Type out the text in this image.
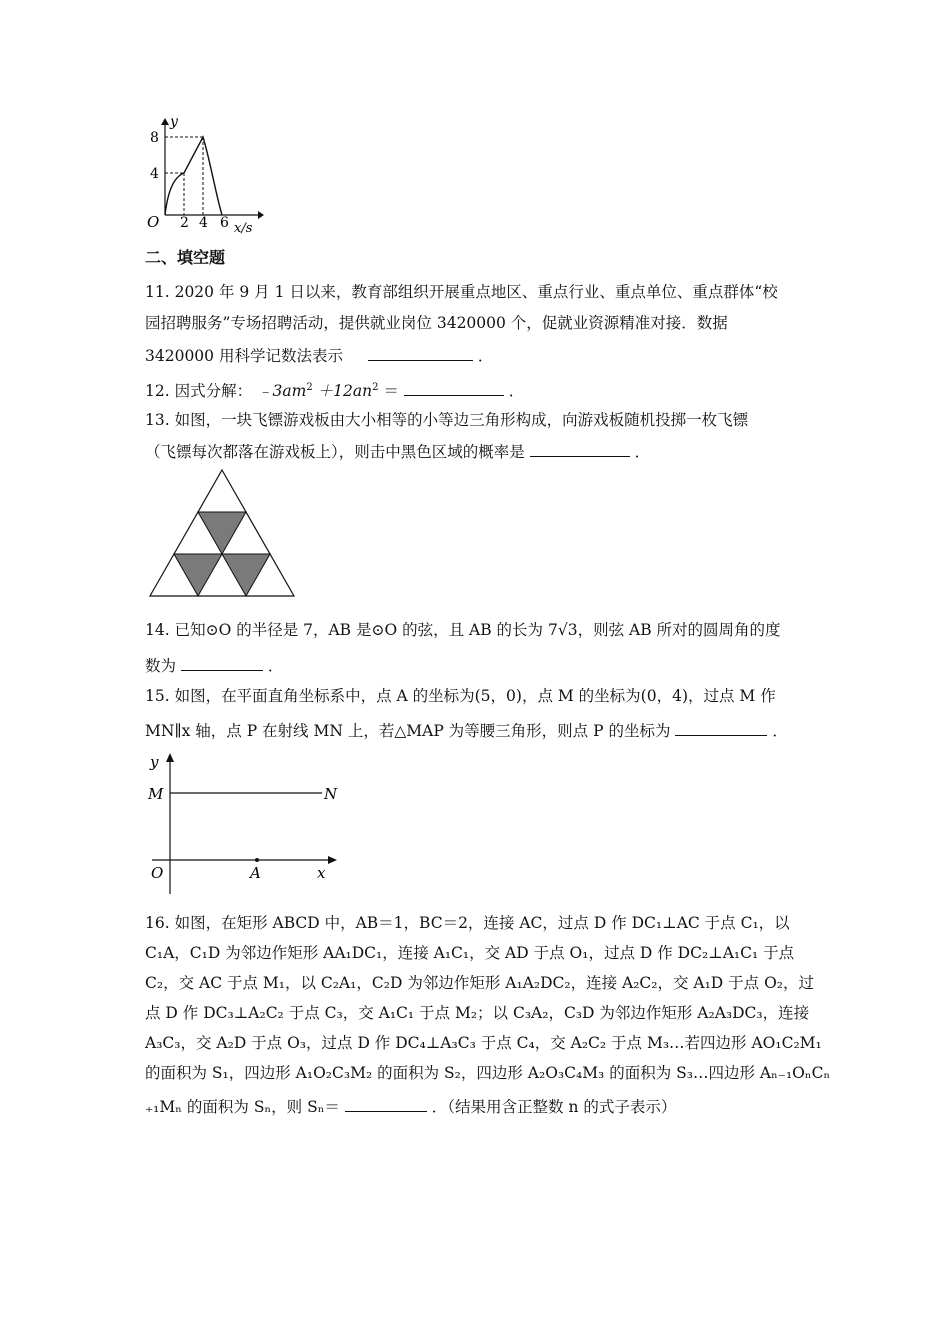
y
8
4
O 2 4 6 x/s
二、填空题
11. 2020 年 9 月 1 日以来，教育部组织开展重点地区、重点行业、重点单位、重点群体“校
园招聘服务”专场招聘活动，提供就业岗位 3420000 个，促就业资源精准对接．数据
3420000 用科学记数法表示	．
12. 因式分解： $﹣3am^2 +12an^2$ ＝	．
13. 如图，一块飞镖游戏板由大小相等的小等边三角形构成，向游戏板随机投掷一枚飞镖
（飞镖每次都落在游戏板上），则击中黑色区域的概率是	．
14. 已知⊙O 的半径是 7，AB 是⊙O 的弦，且 AB 的长为 7√3，则弦 AB 所对的圆周角的度
数为	．
15. 如图，在平面直角坐标系中，点 A 的坐标为(5，0)，点 M 的坐标为(0，4)，过点 M 作
MN∥x 轴，点 P 在射线 MN 上，若△MAP 为等腰三角形，则点 P 的坐标为	．
y
M	N
O	A	x
16. 如图，在矩形 ABCD 中，AB＝1，BC＝2，连接 AC，过点 D 作 DC₁⊥AC 于点 C₁，以
C₁A，C₁D 为邻边作矩形 AA₁DC₁，连接 A₁C₁，交 AD 于点 O₁，过点 D 作 DC₂⊥A₁C₁ 于点
C₂，交 AC 于点 M₁，以 C₂A₁，C₂D 为邻边作矩形 A₁A₂DC₂，连接 A₂C₂，交 A₁D 于点 O₂，过
点 D 作 DC₃⊥A₂C₂ 于点 C₃，交 A₁C₁ 于点 M₂；以 C₃A₂，C₃D 为邻边作矩形 A₂A₃DC₃，连接
A₃C₃，交 A₂D 于点 O₃，过点 D 作 DC₄⊥A₃C₃ 于点 C₄，交 A₂C₂ 于点 M₃…若四边形 AO₁C₂M₁
的面积为 S₁，四边形 A₁O₂C₃M₂ 的面积为 S₂，四边形 A₂O₃C₄M₃ 的面积为 S₃…四边形 Aₙ₋₁OₙCₙ
₊₁Mₙ 的面积为 Sₙ，则 Sₙ＝	．（结果用含正整数 n 的式子表示）
